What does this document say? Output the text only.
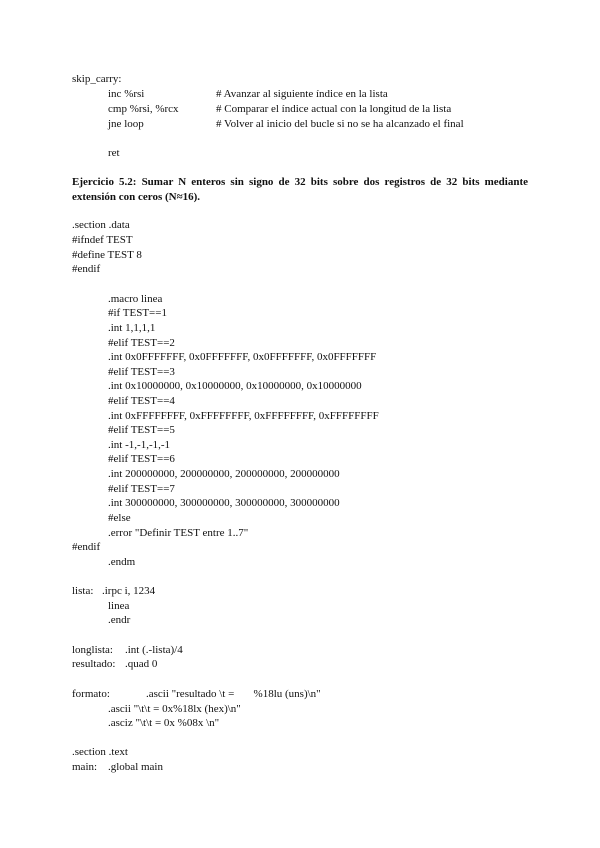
skip_carry:
inc %rsi	# Avanzar al siguiente índice en la lista
cmp %rsi, %rcx	# Comparar el índice actual con la longitud de la lista
jne loop	# Volver al inicio del bucle si no se ha alcanzado el final
ret
Ejercicio 5.2: Sumar N enteros sin signo de 32 bits sobre dos registros de 32 bits mediante extensión con ceros (N≈16).
.section .data
#ifndef TEST
#define TEST 8
#endif
.macro linea
#if TEST==1
.int 1,1,1,1
#elif TEST==2
.int 0x0FFFFFFF, 0x0FFFFFFF, 0x0FFFFFFF, 0x0FFFFFFF
#elif TEST==3
.int 0x10000000, 0x10000000, 0x10000000, 0x10000000
#elif TEST==4
.int 0xFFFFFFFF, 0xFFFFFFFF, 0xFFFFFFFF, 0xFFFFFFFF
#elif TEST==5
.int -1,-1,-1,-1
#elif TEST==6
.int 200000000, 200000000, 200000000, 200000000
#elif TEST==7
.int 300000000, 300000000, 300000000, 300000000
#else
.error "Definir TEST entre 1..7"
#endif
.endm
lista: .irpc i, 1234
linea
.endr
longlista: .int (.-lista)/4
resultado: .quad 0
formato:	.ascii "resultado \t =       %18lu (uns)\n"
.ascii "\t\t = 0x%18lx (hex)\n"
.asciz "\t\t = 0x %08x \n"
.section .text
main: .global main
